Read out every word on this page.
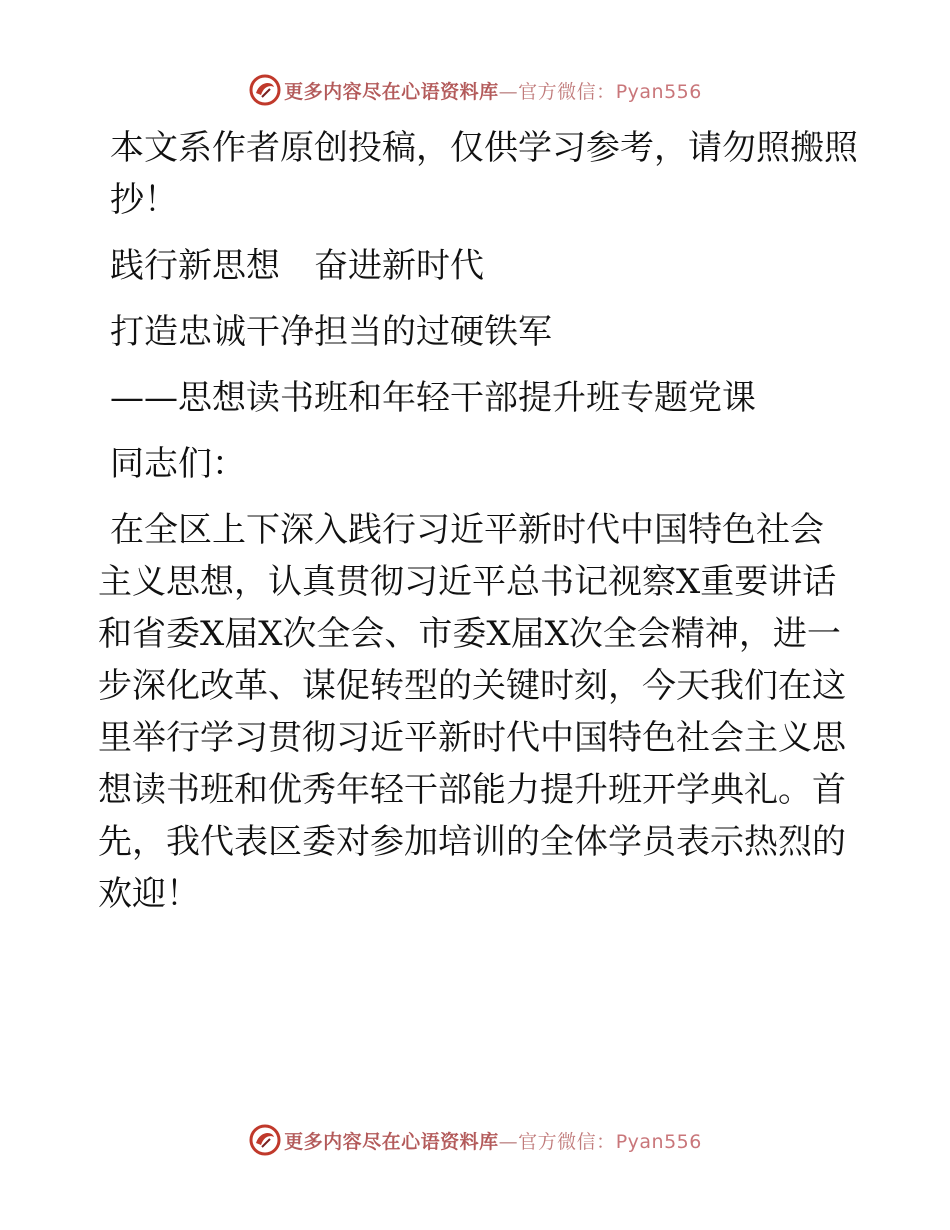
更多内容尽在心语资料库—官方微信：Pyan556

本文系作者原创投稿，仅供学习参考，请勿照搬照抄！

践行新思想　奋进新时代

打造忠诚干净担当的过硬铁军

——思想读书班和年轻干部提升班专题党课

同志们：

在全区上下深入践行习近平新时代中国特色社会主义思想，认真贯彻习近平总书记视察X重要讲话和省委X届X次全会、市委X届X次全会精神，进一步深化改革、谋促转型的关键时刻，今天我们在这里举行学习贯彻习近平新时代中国特色社会主义思想读书班和优秀年轻干部能力提升班开学典礼。首先，我代表区委对参加培训的全体学员表示热烈的欢迎！

更多内容尽在心语资料库—官方微信：Pyan556
